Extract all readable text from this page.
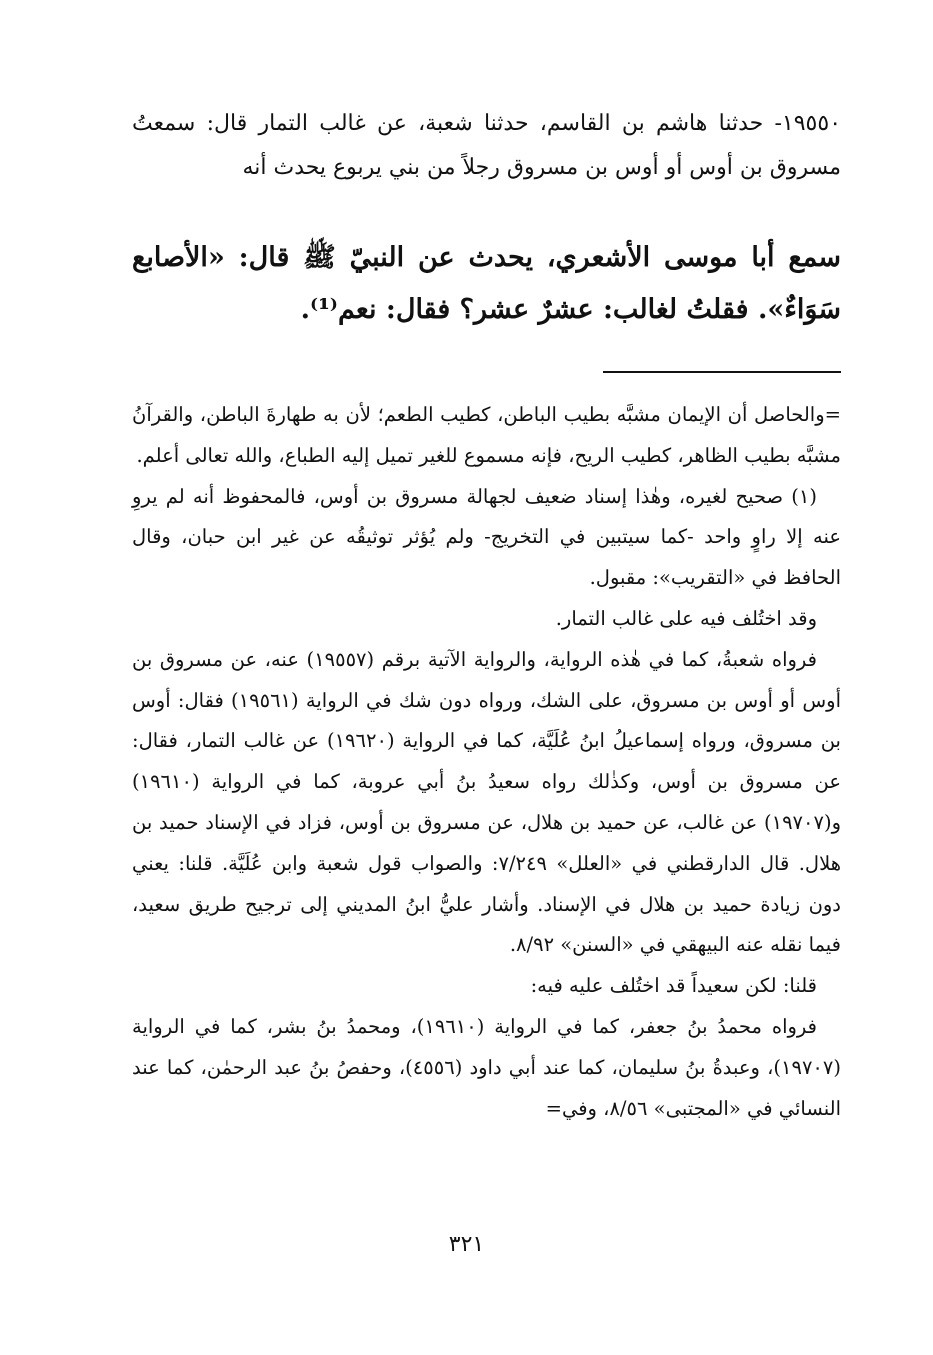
١٩٥٥٠- حدثنا هاشم بن القاسم، حدثنا شعبة، عن غالب التمار قال: سمعتُ مسروق بن أوس أو أوس بن مسروق رجلاً من بني يربوع يحدث أنه
سمع أبا موسى الأشعري، يحدث عن النبيّ ﷺ قال: «الأصابع سَوَاءٌ». فقلتُ لغالب: عشرٌ عشر؟ فقال: نعم⁽¹⁾.

=والحاصل أن الإيمان مشبَّه بطيب الباطن، كطيب الطعم؛ لأن به طهارةَ الباطن، والقرآنُ مشبَّه بطيب الظاهر، كطيب الريح، فإنه مسموع للغير تميل إليه الطباع، والله تعالى أعلم.

(١) صحيح لغيره، وهٰذا إسناد ضعيف لجهالة مسروق بن أوس، فالمحفوظ أنه لم يروِ عنه إلا راوٍ واحد -كما سيتبين في التخريج- ولم يُؤثر توثيقُه عن غير ابن حبان، وقال الحافظ في «التقريب»: مقبول.

وقد اختُلف فيه على غالب التمار.

فرواه شعبةُ، كما في هٰذه الرواية، والرواية الآتية برقم (١٩٥٥٧) عنه، عن مسروق بن أوس أو أوس بن مسروق، على الشك، ورواه دون شك في الرواية (١٩٥٦١) فقال: أوس بن مسروق، ورواه إسماعيلُ ابنُ عُلَيَّة، كما في الرواية (١٩٦٢٠) عن غالب التمار، فقال: عن مسروق بن أوس، وكذٰلك رواه سعيدُ بنُ أبي عروبة، كما في الرواية (١٩٦١٠) و(١٩٧٠٧) عن غالب، عن حميد بن هلال، عن مسروق بن أوس، فزاد في الإسناد حميد بن هلال. قال الدارقطني في «العلل» ٧/٢٤٩: والصواب قول شعبة وابن عُلَيَّة. قلنا: يعني دون زيادة حميد بن هلال في الإسناد. وأشار عليُّ ابنُ المديني إلى ترجيح طريق سعيد، فيما نقله عنه البيهقي في «السنن» ٨/٩٢.

قلنا: لكن سعيداً قد اختُلف عليه فيه:

فرواه محمدُ بنُ جعفر، كما في الرواية (١٩٦١٠)، ومحمدُ بنُ بشر، كما في الرواية (١٩٧٠٧)، وعبدةُ بنُ سليمان، كما عند أبي داود (٤٥٥٦)، وحفصُ بنُ عبد الرحمٰن، كما عند النسائي في «المجتبى» ٨/٥٦، وفي=

٣٢١
